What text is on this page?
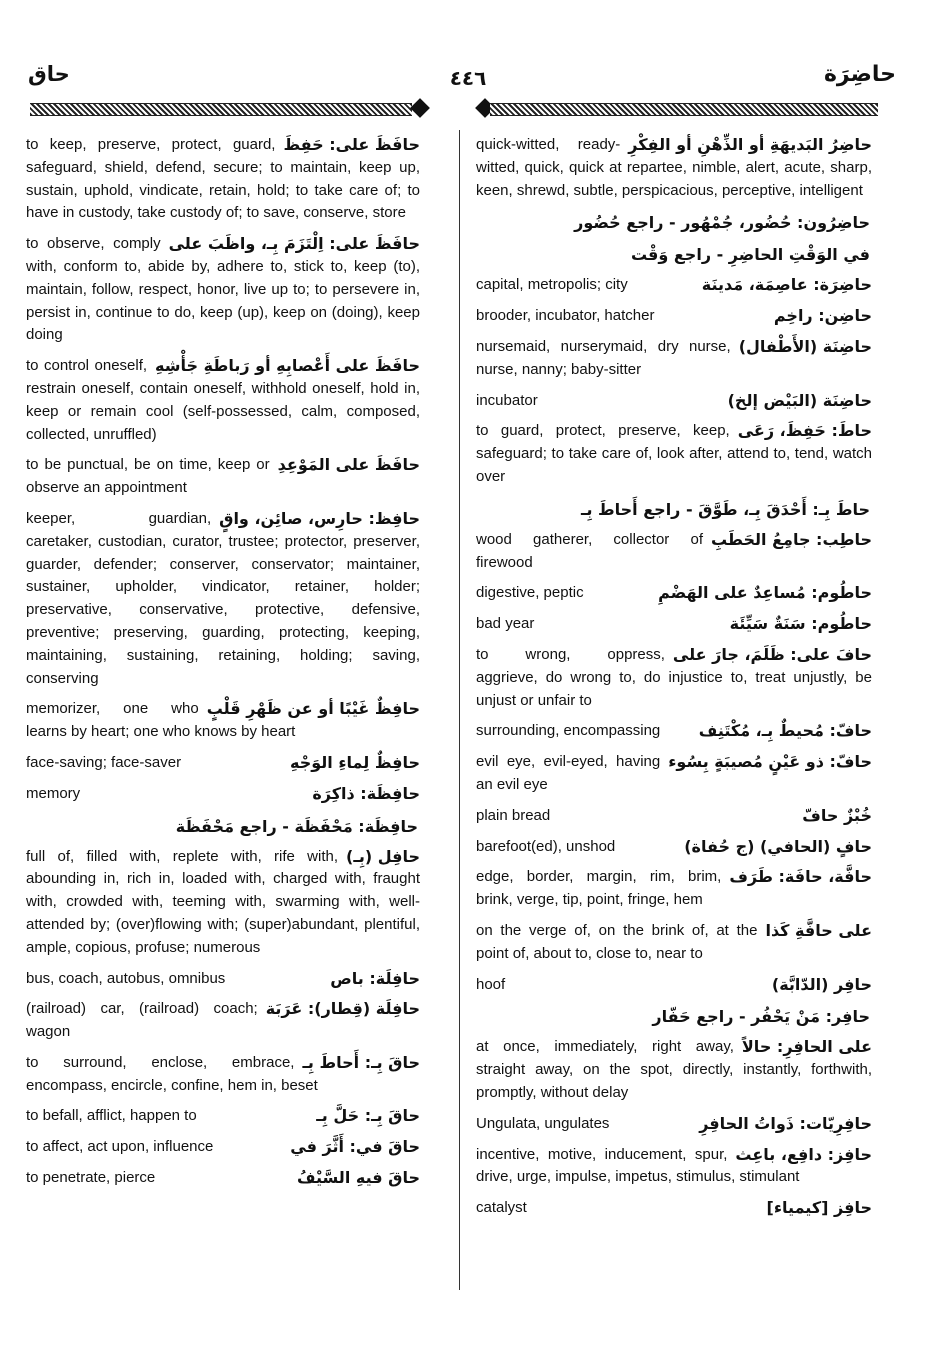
حاق	٤٤٦	حاضِرَة
حافَظَ على: حَفِظَ
to keep, preserve, protect, guard, safeguard, shield, defend, secure; to maintain, keep up, sustain, uphold, vindicate, retain, hold; to take care of; to have in custody, take custody of; to save, conserve, store
حافَظَ على: اِلْتَزَمَ بِـ، واظَبَ على
to observe, comply with, conform to, abide by, adhere to, stick to, keep (to), maintain, follow, respect, honor, live up to; to persevere in, persist in, continue to do, keep (up), keep on (doing), keep doing
حافَظَ على أَعْصابِهِ أو رَباطَةِ جَأْشِهِ
to control oneself, restrain oneself, contain oneself, withhold oneself, hold in, keep or remain cool (self-possessed, calm, composed, collected, unruffled)
حافَظَ على المَوْعِدِ
to be punctual, be on time, keep or observe an appointment
حافِظ: حارِس، صائِن، واقٍ
keeper, guardian, caretaker, custodian, curator, trustee; protector, preserver, guarder, defender; conserver, conservator; maintainer, sustainer, upholder, vindicator, retainer, holder; preservative, conservative, protective, defensive, preventive; preserving, guarding, protecting, keeping, maintaining, sustaining, retaining, holding; saving, conserving
حافِظٌ غَيْبًا أو عن ظَهْرِ قَلْبٍ
memorizer, one who learns by heart; one who knows by heart
حافِظٌ لِماءِ الوَجْهِ
face-saving; face-saver
حافِظَة: ذاكِرَة
memory
حافِظَة: مَحْفَظَة - راجع مَحْفَظَة
حافِل (بِـ)
full of, filled with, replete with, rife with, abounding in, rich in, loaded with, charged with, fraught with, crowded with, teeming with, swarming with, well-attended by; (over)flowing with; (super)abundant, plentiful, ample, copious, profuse; numerous
حافِلَة: باص
bus, coach, autobus, omnibus
حافِلَة (قِطار): عَرَبَة
(railroad) car, (railroad) coach; wagon
حاقَ بِـ: أَحاطَ بِـ
to surround, enclose, embrace, encompass, encircle, confine, hem in, beset
حاقَ بِـ: حَلَّ بِـ
to befall, afflict, happen to
حاقَ في: أَثَّرَ في
to affect, act upon, influence
حاقَ فيهِ السَّيْفُ
to penetrate, pierce
حاضِرُ البَديهَةِ أو الذِّهْنِ أو الفِكْرِ
quick-witted, ready-witted, quick, quick at repartee, nimble, alert, acute, sharp, keen, shrewd, subtle, perspicacious, perceptive, intelligent
حاضِرُون: حُضُور، جُمْهُور - راجع حُضُور
في الوَقْتِ الحاضِرِ - راجع وَقْت
حاضِرَة: عاصِمَة، مَدينَة
capital, metropolis; city
حاضِن: راخِم
brooder, incubator, hatcher
حاضِنَة (الأَطْفال)
nursemaid, nurserymaid, dry nurse, nurse, nanny; baby-sitter
حاضِنَة (البَيْض إلخ)
incubator
حاطَ: حَفِظَ، رَعَى
to guard, protect, preserve, keep, safeguard; to take care of, look after, attend to, tend, watch over
حاطَ بِـ: أَحْدَقَ بِـ، طَوَّقَ - راجع أَحاطَ بِـ
حاطِب: جامِعُ الحَطَبِ
wood gatherer, collector of firewood
حاطُوم: مُساعِدٌ على الهَضْمِ
digestive, peptic
حاطُوم: سَنَةٌ سَيِّئَة
bad year
حافَ على: ظَلَمَ، جارَ على
to wrong, oppress, aggrieve, do wrong to, do injustice to, treat unjustly, be unjust or unfair to
حافّ: مُحيطٌ بِـ، مُكْتَنِف
surrounding, encompassing
حافّ: ذو عَيْنٍ مُصيبَةٍ بِسُوء
evil eye, evil-eyed, having an evil eye
خُبْزٌ حافّ
plain bread
حافٍ (الحافي) (ج حُفاة)
barefoot(ed), unshod
حافَّة، حافَة: طَرَف
edge, border, margin, rim, brim, brink, verge, tip, point, fringe, hem
على حافَّةِ كَذا
on the verge of, on the brink of, at the point of, about to, close to, near to
حافِر (الدّابَّة)
hoof
حافِر: مَنْ يَحْفُر - راجع حَفّار
على الحافِرِ: حالاً
at once, immediately, right away, straight away, on the spot, directly, instantly, forthwith, promptly, without delay
حافِرِيّات: ذَواتُ الحافِرِ
Ungulata, ungulates
حافِز: دافِع، باعِث
incentive, motive, inducement, spur, drive, urge, impulse, impetus, stimulus, stimulant
حافِز [كيمياء]
catalyst
